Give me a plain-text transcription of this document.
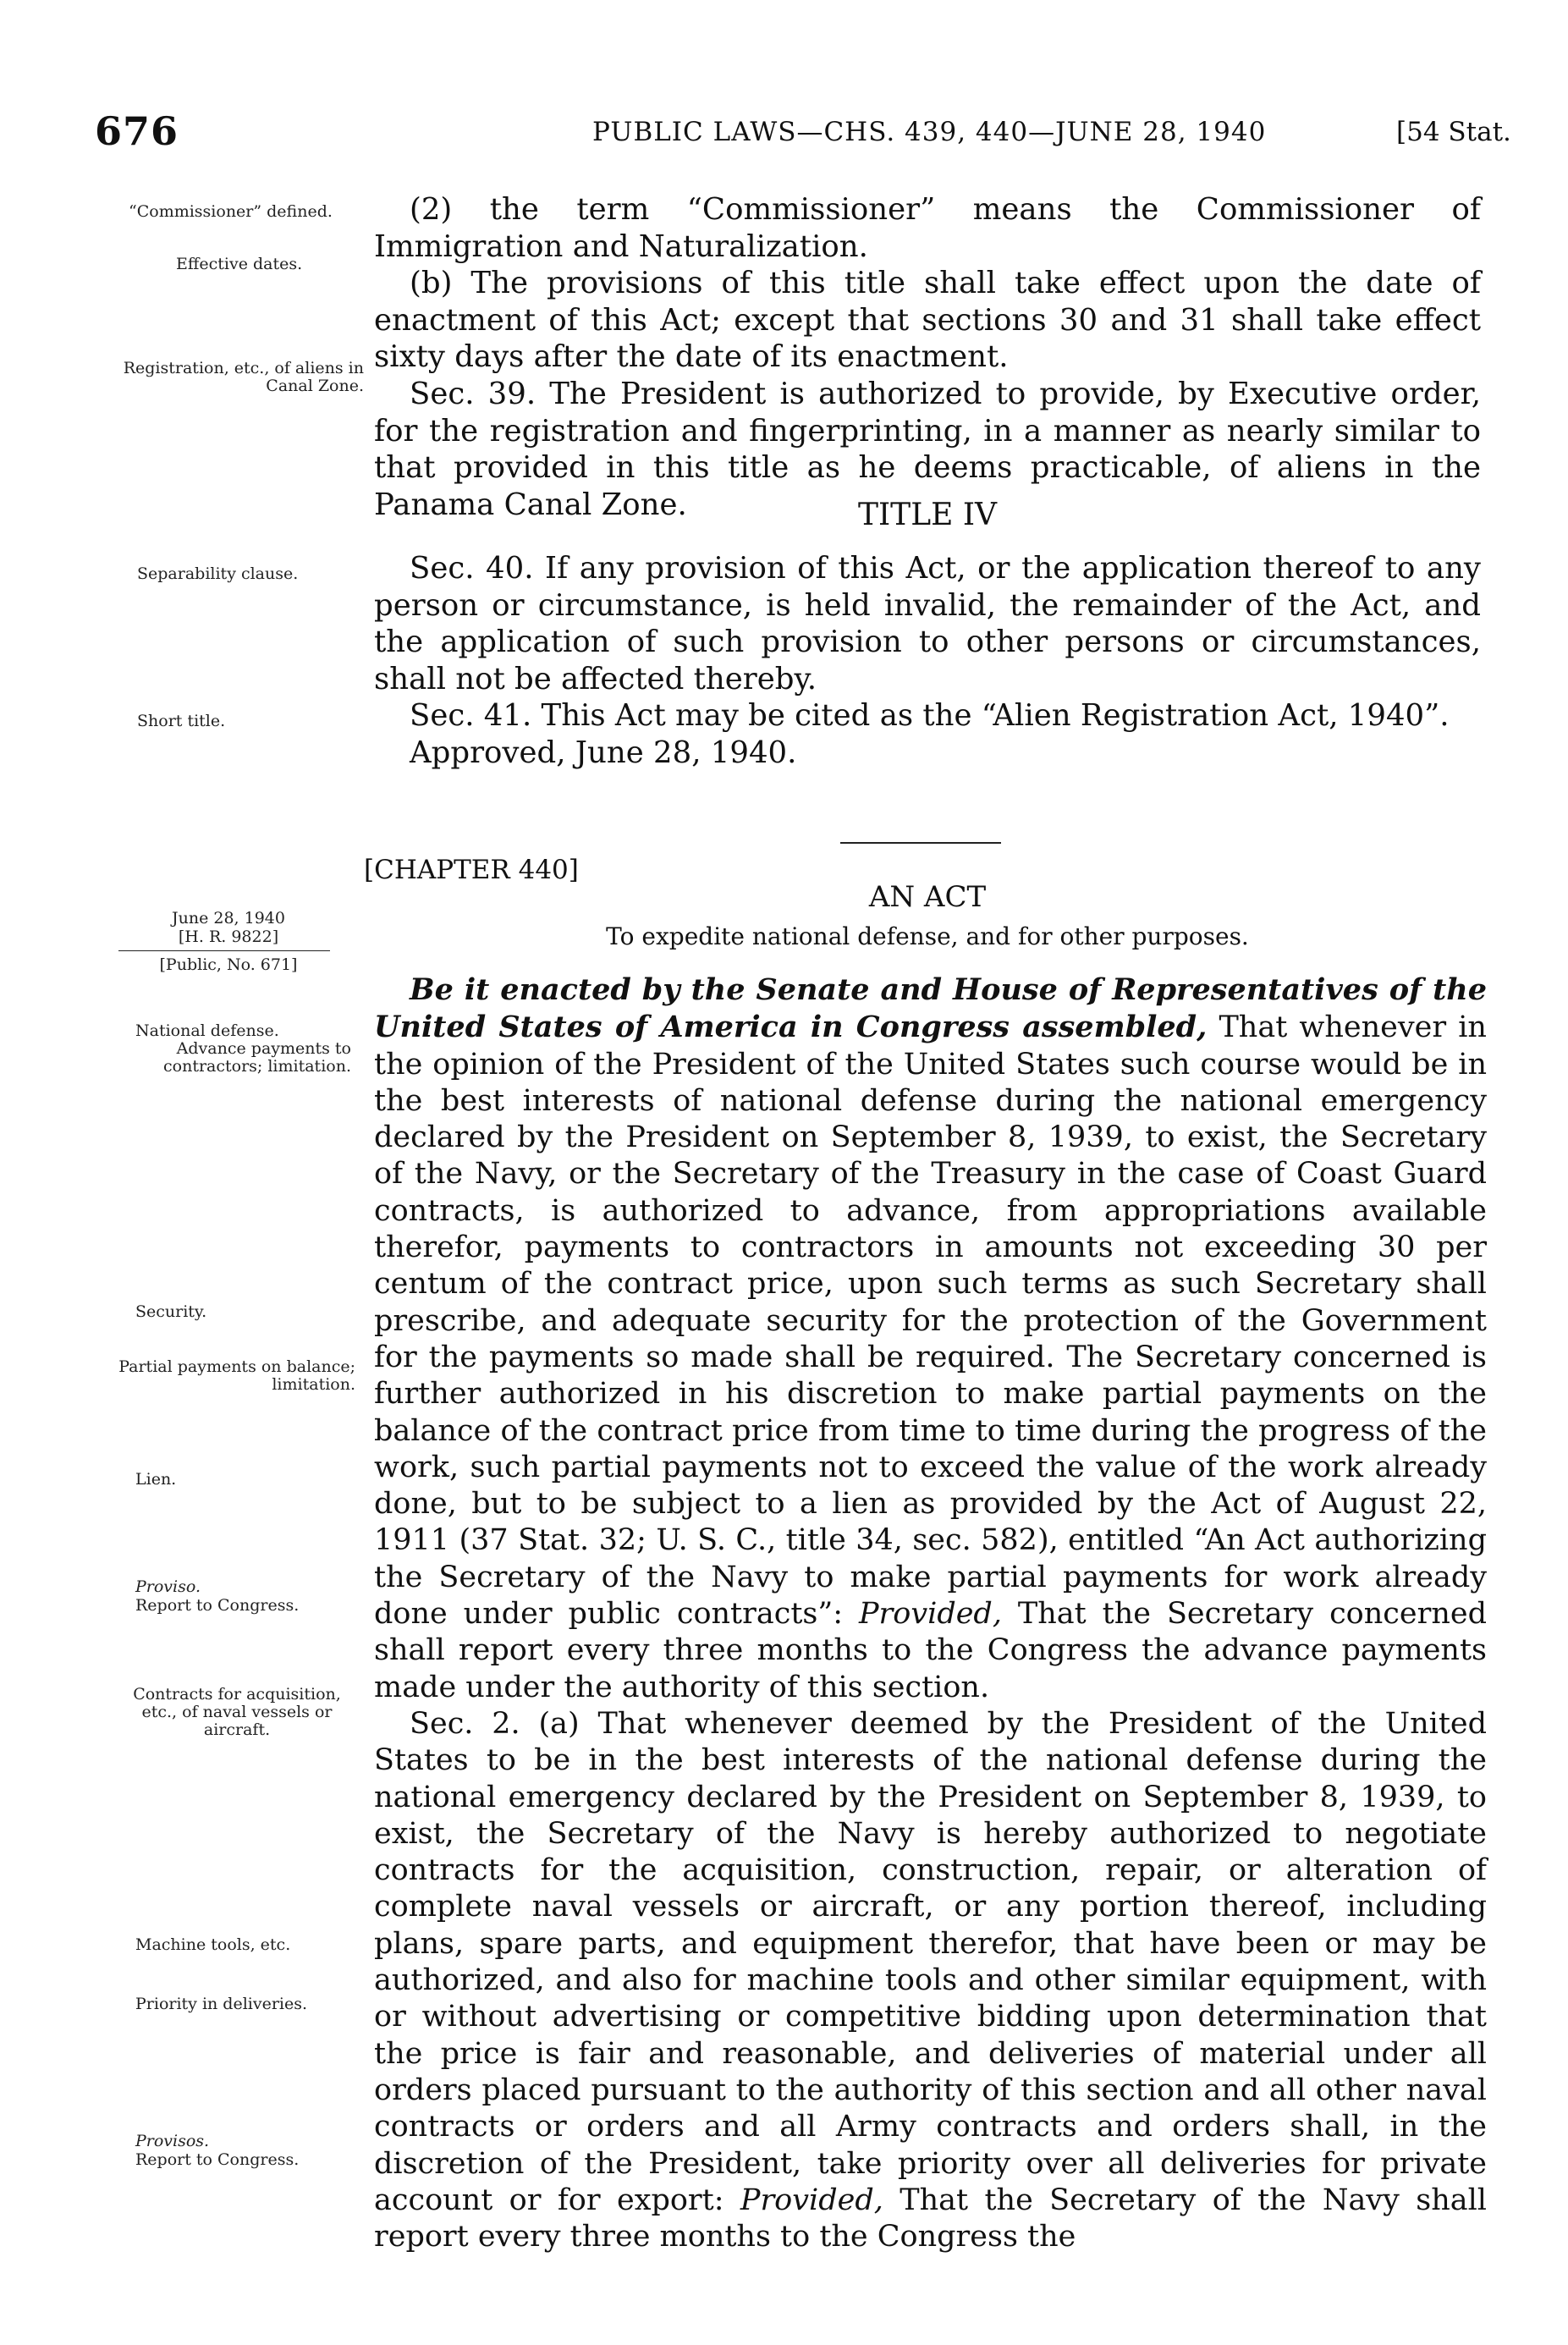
676	PUBLIC LAWS—CHS. 439, 440—JUNE 28, 1940	[54 Stat.
“Commissioner” defined.
Effective dates.
Registration, etc., of aliens in Canal Zone.
Separability clause.
Short title.
June 28, 1940
[H. R. 9822]
[Public, No. 671]
National defense.
Advance payments to contractors; limitation.
Security.
Partial payments on balance; limitation.
Lien.
Proviso.
Report to Congress.
Contracts for acquisition, etc., of naval vessels or aircraft.
Machine tools, etc.
Priority in deliveries.
Provisos.
Report to Congress.
(2) the term “Commissioner” means the Commissioner of Immigration and Naturalization.
(b) The provisions of this title shall take effect upon the date of enactment of this Act; except that sections 30 and 31 shall take effect sixty days after the date of its enactment.
Sec. 39. The President is authorized to provide, by Executive order, for the registration and fingerprinting, in a manner as nearly similar to that provided in this title as he deems practicable, of aliens in the Panama Canal Zone.	TITLE IV
Sec. 40. If any provision of this Act, or the application thereof to any person or circumstance, is held invalid, the remainder of the Act, and the application of such provision to other persons or circumstances, shall not be affected thereby.
Sec. 41. This Act may be cited as the “Alien Registration Act, 1940”.
Approved, June 28, 1940.
[CHAPTER 440]
AN ACT
To expedite national defense, and for other purposes.
Be it enacted by the Senate and House of Representatives of the United States of America in Congress assembled, That whenever in the opinion of the President of the United States such course would be in the best interests of national defense during the national emergency declared by the President on September 8, 1939, to exist, the Secretary of the Navy, or the Secretary of the Treasury in the case of Coast Guard contracts, is authorized to advance, from appropriations available therefor, payments to contractors in amounts not exceeding 30 per centum of the contract price, upon such terms as such Secretary shall prescribe, and adequate security for the protection of the Government for the payments so made shall be required. The Secretary concerned is further authorized in his discretion to make partial payments on the balance of the contract price from time to time during the progress of the work, such partial payments not to exceed the value of the work already done, but to be subject to a lien as provided by the Act of August 22, 1911 (37 Stat. 32; U. S. C., title 34, sec. 582), entitled “An Act authorizing the Secretary of the Navy to make partial payments for work already done under public contracts”: Provided, That the Secretary concerned shall report every three months to the Congress the advance payments made under the authority of this section.
Sec. 2. (a) That whenever deemed by the President of the United States to be in the best interests of the national defense during the national emergency declared by the President on September 8, 1939, to exist, the Secretary of the Navy is hereby authorized to negotiate contracts for the acquisition, construction, repair, or alteration of complete naval vessels or aircraft, or any portion thereof, including plans, spare parts, and equipment therefor, that have been or may be authorized, and also for machine tools and other similar equipment, with or without advertising or competitive bidding upon determination that the price is fair and reasonable, and deliveries of material under all orders placed pursuant to the authority of this section and all other naval contracts or orders and all Army contracts and orders shall, in the discretion of the President, take priority over all deliveries for private account or for export: Provided, That the Secretary of the Navy shall report every three months to the Congress the
